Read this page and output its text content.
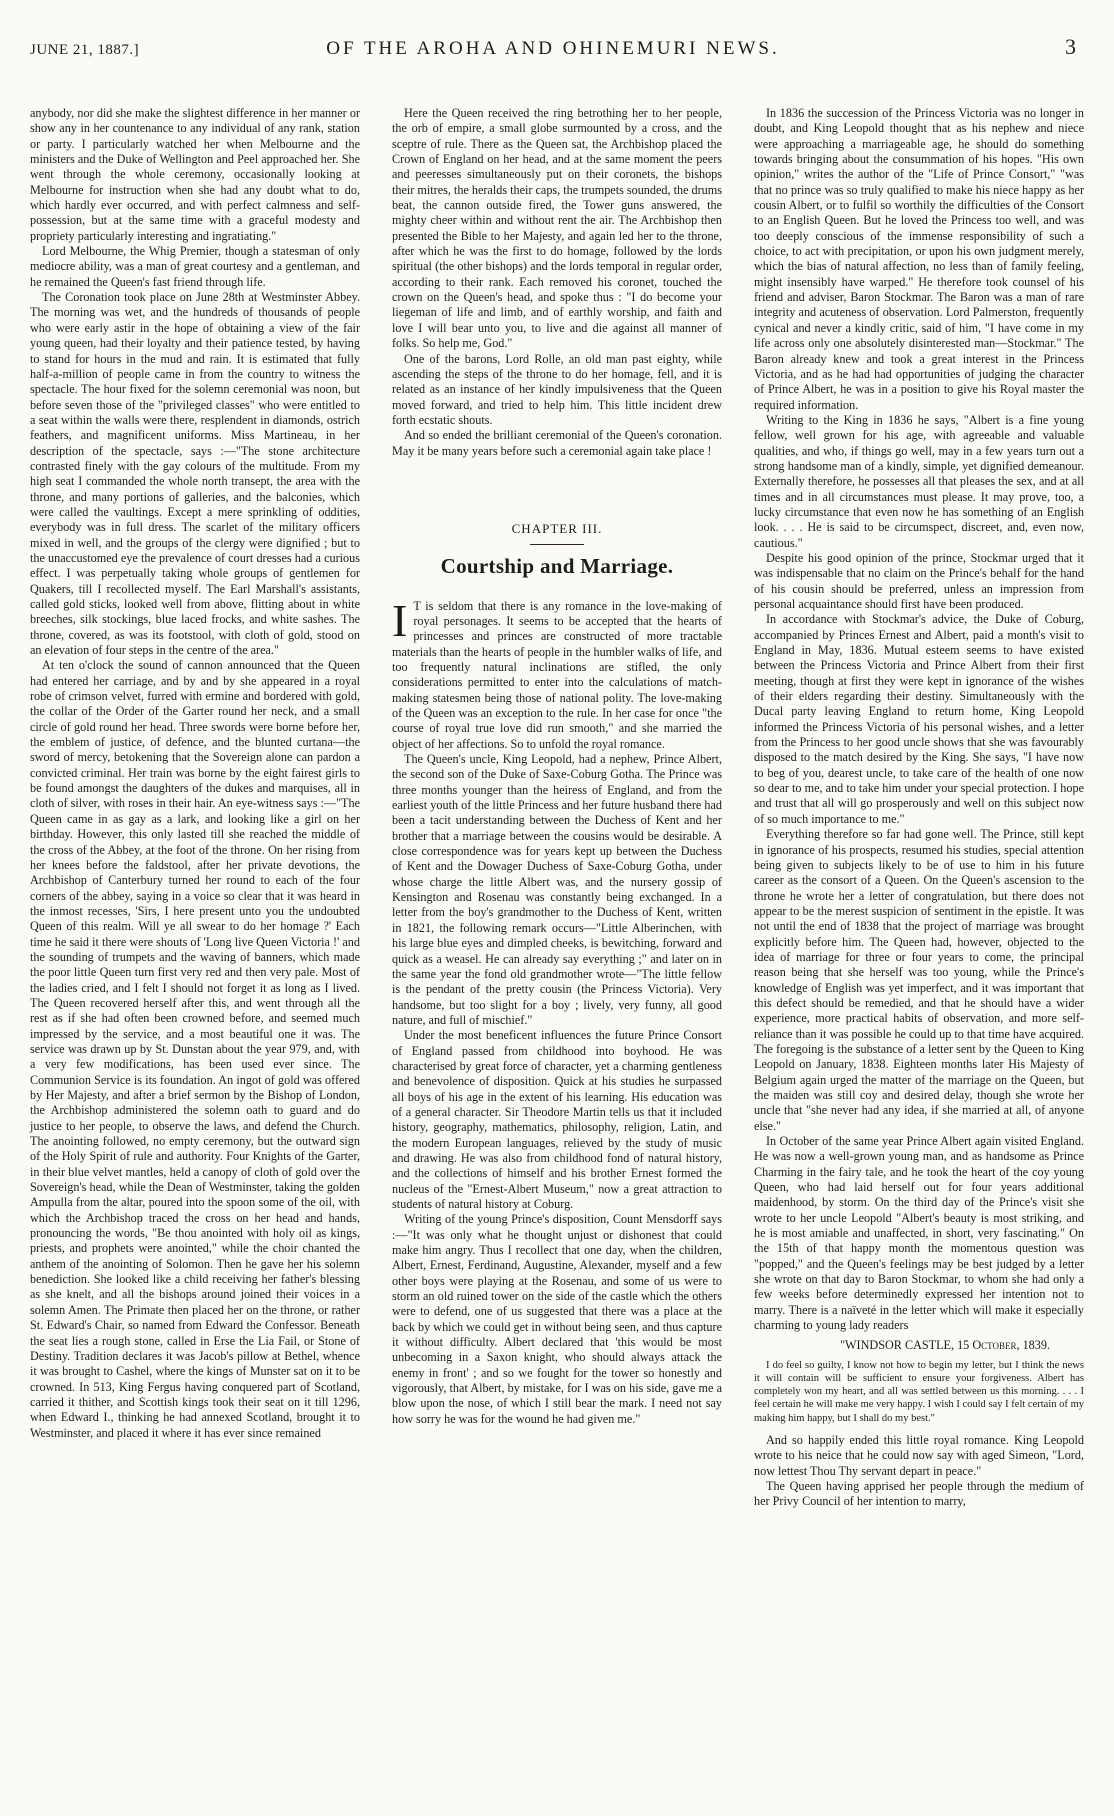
JUNE 21, 1887.]	OF THE AROHA AND OHINEMURI NEWS.	3

anybody, nor did she make the slightest difference in her manner or show any in her countenance to any individual of any rank, station or party. I particularly watched her when Melbourne and the ministers and the Duke of Wellington and Peel approached her. She went through the whole ceremony, occasionally looking at Melbourne for instruction when she had any doubt what to do, which hardly ever occurred, and with perfect calmness and self-possession, but at the same time with a graceful modesty and propriety particularly interesting and ingratiating."

Lord Melbourne, the Whig Premier, though a statesman of only mediocre ability, was a man of great courtesy and a gentleman, and he remained the Queen's fast friend through life.

The Coronation took place on June 28th at Westminster Abbey. The morning was wet, and the hundreds of thousands of people who were early astir in the hope of obtaining a view of the fair young queen, had their loyalty and their patience tested, by having to stand for hours in the mud and rain. It is estimated that fully half-a-million of people came in from the country to witness the spectacle. The hour fixed for the solemn ceremonial was noon, but before seven those of the "privileged classes" who were entitled to a seat within the walls were there, resplendent in diamonds, ostrich feathers, and magnificent uniforms. Miss Martineau, in her description of the spectacle, says :—"The stone architecture contrasted finely with the gay colours of the multitude. From my high seat I commanded the whole north transept, the area with the throne, and many portions of galleries, and the balconies, which were called the vaultings. Except a mere sprinkling of oddities, everybody was in full dress. The scarlet of the military officers mixed in well, and the groups of the clergy were dignified ; but to the unaccustomed eye the prevalence of court dresses had a curious effect. I was perpetually taking whole groups of gentlemen for Quakers, till I recollected myself. The Earl Marshall's assistants, called gold sticks, looked well from above, flitting about in white breeches, silk stockings, blue laced frocks, and white sashes. The throne, covered, as was its footstool, with cloth of gold, stood on an elevation of four steps in the centre of the area."

At ten o'clock the sound of cannon announced that the Queen had entered her carriage, and by and by she appeared in a royal robe of crimson velvet, furred with ermine and bordered with gold, the collar of the Order of the Garter round her neck, and a small circle of gold round her head. Three swords were borne before her, the emblem of justice, of defence, and the blunted curtana—the sword of mercy, betokening that the Sovereign alone can pardon a convicted criminal. Her train was borne by the eight fairest girls to be found amongst the daughters of the dukes and marquises, all in cloth of silver, with roses in their hair. An eye-witness says :—"The Queen came in as gay as a lark, and looking like a girl on her birthday. However, this only lasted till she reached the middle of the cross of the Abbey, at the foot of the throne. On her rising from her knees before the faldstool, after her private devotions, the Archbishop of Canterbury turned her round to each of the four corners of the abbey, saying in a voice so clear that it was heard in the inmost recesses, 'Sirs, I here present unto you the undoubted Queen of this realm. Will ye all swear to do her homage ?' Each time he said it there were shouts of 'Long live Queen Victoria !' and the sounding of trumpets and the waving of banners, which made the poor little Queen turn first very red and then very pale. Most of the ladies cried, and I felt I should not forget it as long as I lived. The Queen recovered herself after this, and went through all the rest as if she had often been crowned before, and seemed much impressed by the service, and a most beautiful one it was. The service was drawn up by St. Dunstan about the year 979, and, with a very few modifications, has been used ever since. The Communion Service is its foundation. An ingot of gold was offered by Her Majesty, and after a brief sermon by the Bishop of London, the Archbishop administered the solemn oath to guard and do justice to her people, to observe the laws, and defend the Church. The anointing followed, no empty ceremony, but the outward sign of the Holy Spirit of rule and authority. Four Knights of the Garter, in their blue velvet mantles, held a canopy of cloth of gold over the Sovereign's head, while the Dean of Westminster, taking the golden Ampulla from the altar, poured into the spoon some of the oil, with which the Archbishop traced the cross on her head and hands, pronouncing the words, "Be thou anointed with holy oil as kings, priests, and prophets were anointed," while the choir chanted the anthem of the anointing of Solomon. Then he gave her his solemn benediction. She looked like a child receiving her father's blessing as she knelt, and all the bishops around joined their voices in a solemn Amen. The Primate then placed her on the throne, or rather St. Edward's Chair, so named from Edward the Confessor. Beneath the seat lies a rough stone, called in Erse the Lia Fail, or Stone of Destiny. Tradition declares it was Jacob's pillow at Bethel, whence it was brought to Cashel, where the kings of Munster sat on it to be crowned. In 513, King Fergus having conquered part of Scotland, carried it thither, and Scottish kings took their seat on it till 1296, when Edward I., thinking he had annexed Scotland, brought it to Westminster, and placed it where it has ever since remained

Here the Queen received the ring betrothing her to her people, the orb of empire, a small globe surmounted by a cross, and the sceptre of rule. There as the Queen sat, the Archbishop placed the Crown of England on her head, and at the same moment the peers and peeresses simultaneously put on their coronets, the bishops their mitres, the heralds their caps, the trumpets sounded, the drums beat, the cannon outside fired, the Tower guns answered, the mighty cheer within and without rent the air. The Archbishop then presented the Bible to her Majesty, and again led her to the throne, after which he was the first to do homage, followed by the lords spiritual (the other bishops) and the lords temporal in regular order, according to their rank. Each removed his coronet, touched the crown on the Queen's head, and spoke thus : "I do become your liegeman of life and limb, and of earthly worship, and faith and love I will bear unto you, to live and die against all manner of folks. So help me, God."

One of the barons, Lord Rolle, an old man past eighty, while ascending the steps of the throne to do her homage, fell, and it is related as an instance of her kindly impulsiveness that the Queen moved forward, and tried to help him. This little incident drew forth ecstatic shouts.

And so ended the brilliant ceremonial of the Queen's coronation. May it be many years before such a ceremonial again take place !

CHAPTER III.
Courtship and Marriage.

I T is seldom that there is any romance in the love-making of royal personages. It seems to be accepted that the hearts of princesses and princes are constructed of more tractable materials than the hearts of people in the humbler walks of life, and too frequently natural inclinations are stifled, the only considerations permitted to enter into the calculations of match-making statesmen being those of national polity. The love-making of the Queen was an exception to the rule. In her case for once "the course of royal true love did run smooth," and she married the object of her affections. So to unfold the royal romance.

The Queen's uncle, King Leopold, had a nephew, Prince Albert, the second son of the Duke of Saxe-Coburg Gotha. The Prince was three months younger than the heiress of England, and from the earliest youth of the little Princess and her future husband there had been a tacit understanding between the Duchess of Kent and her brother that a marriage between the cousins would be desirable. A close correspondence was for years kept up between the Duchess of Kent and the Dowager Duchess of Saxe-Coburg Gotha, under whose charge the little Albert was, and the nursery gossip of Kensington and Rosenau was constantly being exchanged. In a letter from the boy's grandmother to the Duchess of Kent, written in 1821, the following remark occurs—"Little Alberinchen, with his large blue eyes and dimpled cheeks, is bewitching, forward and quick as a weasel. He can already say everything ;" and later on in the same year the fond old grandmother wrote—"The little fellow is the pendant of the pretty cousin (the Princess Victoria). Very handsome, but too slight for a boy ; lively, very funny, all good nature, and full of mischief."

Under the most beneficent influences the future Prince Consort of England passed from childhood into boyhood. He was characterised by great force of character, yet a charming gentleness and benevolence of disposition. Quick at his studies he surpassed all boys of his age in the extent of his learning. His education was of a general character. Sir Theodore Martin tells us that it included history, geography, mathematics, philosophy, religion, Latin, and the modern European languages, relieved by the study of music and drawing. He was also from childhood fond of natural history, and the collections of himself and his brother Ernest formed the nucleus of the "Ernest-Albert Museum," now a great attraction to students of natural history at Coburg.

Writing of the young Prince's disposition, Count Mensdorff says :—"It was only what he thought unjust or dishonest that could make him angry. Thus I recollect that one day, when the children, Albert, Ernest, Ferdinand, Augustine, Alexander, myself and a few other boys were playing at the Rosenau, and some of us were to storm an old ruined tower on the side of the castle which the others were to defend, one of us suggested that there was a place at the back by which we could get in without being seen, and thus capture it without difficulty. Albert declared that 'this would be most unbecoming in a Saxon knight, who should always attack the enemy in front' ; and so we fought for the tower so honestly and vigorously, that Albert, by mistake, for I was on his side, gave me a blow upon the nose, of which I still bear the mark. I need not say how sorry he was for the wound he had given me."

In 1836 the succession of the Princess Victoria was no longer in doubt, and King Leopold thought that as his nephew and niece were approaching a marriageable age, he should do something towards bringing about the consummation of his hopes. "His own opinion," writes the author of the "Life of Prince Consort," "was that no prince was so truly qualified to make his niece happy as her cousin Albert, or to fulfil so worthily the difficulties of the Consort to an English Queen. But he loved the Princess too well, and was too deeply conscious of the immense responsibility of such a choice, to act with precipitation, or upon his own judgment merely, which the bias of natural affection, no less than of family feeling, might insensibly have warped." He therefore took counsel of his friend and adviser, Baron Stockmar. The Baron was a man of rare integrity and acuteness of observation. Lord Palmerston, frequently cynical and never a kindly critic, said of him, "I have come in my life across only one absolutely disinterested man—Stockmar." The Baron already knew and took a great interest in the Princess Victoria, and as he had had opportunities of judging the character of Prince Albert, he was in a position to give his Royal master the required information.

Writing to the King in 1836 he says, "Albert is a fine young fellow, well grown for his age, with agreeable and valuable qualities, and who, if things go well, may in a few years turn out a strong handsome man of a kindly, simple, yet dignified demeanour. Externally therefore, he possesses all that pleases the sex, and at all times and in all circumstances must please. It may prove, too, a lucky circumstance that even now he has something of an English look. . . . He is said to be circumspect, discreet, and, even now, cautious."

Despite his good opinion of the prince, Stockmar urged that it was indispensable that no claim on the Prince's behalf for the hand of his cousin should be preferred, unless an impression from personal acquaintance should first have been produced.

In accordance with Stockmar's advice, the Duke of Coburg, accompanied by Princes Ernest and Albert, paid a month's visit to England in May, 1836. Mutual esteem seems to have existed between the Princess Victoria and Prince Albert from their first meeting, though at first they were kept in ignorance of the wishes of their elders regarding their destiny. Simultaneously with the Ducal party leaving England to return home, King Leopold informed the Princess Victoria of his personal wishes, and a letter from the Princess to her good uncle shows that she was favourably disposed to the match desired by the King. She says, "I have now to beg of you, dearest uncle, to take care of the health of one now so dear to me, and to take him under your special protection. I hope and trust that all will go prosperously and well on this subject now of so much importance to me."

Everything therefore so far had gone well. The Prince, still kept in ignorance of his prospects, resumed his studies, special attention being given to subjects likely to be of use to him in his future career as the consort of a Queen. On the Queen's ascension to the throne he wrote her a letter of congratulation, but there does not appear to be the merest suspicion of sentiment in the epistle. It was not until the end of 1838 that the project of marriage was brought explicitly before him. The Queen had, however, objected to the idea of marriage for three or four years to come, the principal reason being that she herself was too young, while the Prince's knowledge of English was yet imperfect, and it was important that this defect should be remedied, and that he should have a wider experience, more practical habits of observation, and more self-reliance than it was possible he could up to that time have acquired. The foregoing is the substance of a letter sent by the Queen to King Leopold on January, 1838. Eighteen months later His Majesty of Belgium again urged the matter of the marriage on the Queen, but the maiden was still coy and desired delay, though she wrote her uncle that "she never had any idea, if she married at all, of anyone else."

In October of the same year Prince Albert again visited England. He was now a well-grown young man, and as handsome as Prince Charming in the fairy tale, and he took the heart of the coy young Queen, who had laid herself out for four years additional maidenhood, by storm. On the third day of the Prince's visit she wrote to her uncle Leopold "Albert's beauty is most striking, and he is most amiable and unaffected, in short, very fascinating." On the 15th of that happy month the momentous question was "popped," and the Queen's feelings may be best judged by a letter she wrote on that day to Baron Stockmar, to whom she had only a few weeks before determinedly expressed her intention not to marry. There is a naïveté in the letter which will make it especially charming to young lady readers

"WINDSOR CASTLE, 15 October, 1839.

I do feel so guilty, I know not how to begin my letter, but I think the news it will contain will be sufficient to ensure your forgiveness. Albert has completely won my heart, and all was settled between us this morning. . . . I feel certain he will make me very happy. I wish I could say I felt certain of my making him happy, but I shall do my best."

And so happily ended this little royal romance. King Leopold wrote to his neice that he could now say with aged Simeon, "Lord, now lettest Thou Thy servant depart in peace."

The Queen having apprised her people through the medium of her Privy Council of her intention to marry,
